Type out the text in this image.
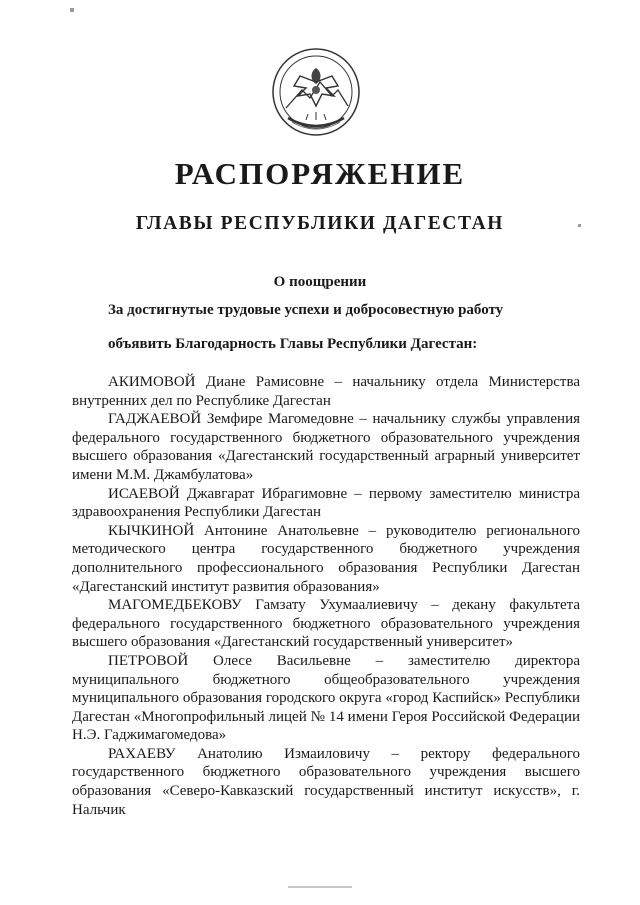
РАСПОРЯЖЕНИЕ
ГЛАВЫ РЕСПУБЛИКИ ДАГЕСТАН

О поощрении

За достигнутые трудовые успехи и добросовестную работу

объявить Благодарность Главы Республики Дагестан:

АКИМОВОЙ Диане Рамисовне – начальнику отдела Министерства внутренних дел по Республике Дагестан

ГАДЖАЕВОЙ Земфире Магомедовне – начальнику службы управления федерального государственного бюджетного образовательного учреждения высшего образования «Дагестанский государственный аграрный университет имени М.М. Джамбулатова»

ИСАЕВОЙ Джавгарат Ибрагимовне – первому заместителю министра здравоохранения Республики Дагестан

КЫЧКИНОЙ Антонине Анатольевне – руководителю регионального методического центра государственного бюджетного учреждения дополнительного профессионального образования Республики Дагестан «Дагестанский институт развития образования»

МАГОМЕДБЕКОВУ Гамзату Ухумаалиевичу – декану факультета федерального государственного бюджетного образовательного учреждения высшего образования «Дагестанский государственный университет»

ПЕТРОВОЙ Олесе Васильевне – заместителю директора муниципального бюджетного общеобразовательного учреждения муниципального образования городского округа «город Каспийск» Республики Дагестан «Многопрофильный лицей № 14 имени Героя Российской Федерации Н.Э. Гаджимагомедова»

РАХАЕВУ Анатолию Измаиловичу – ректору федерального государственного бюджетного образовательного учреждения высшего образования «Северо-Кавказский государственный институт искусств», г. Нальчик
